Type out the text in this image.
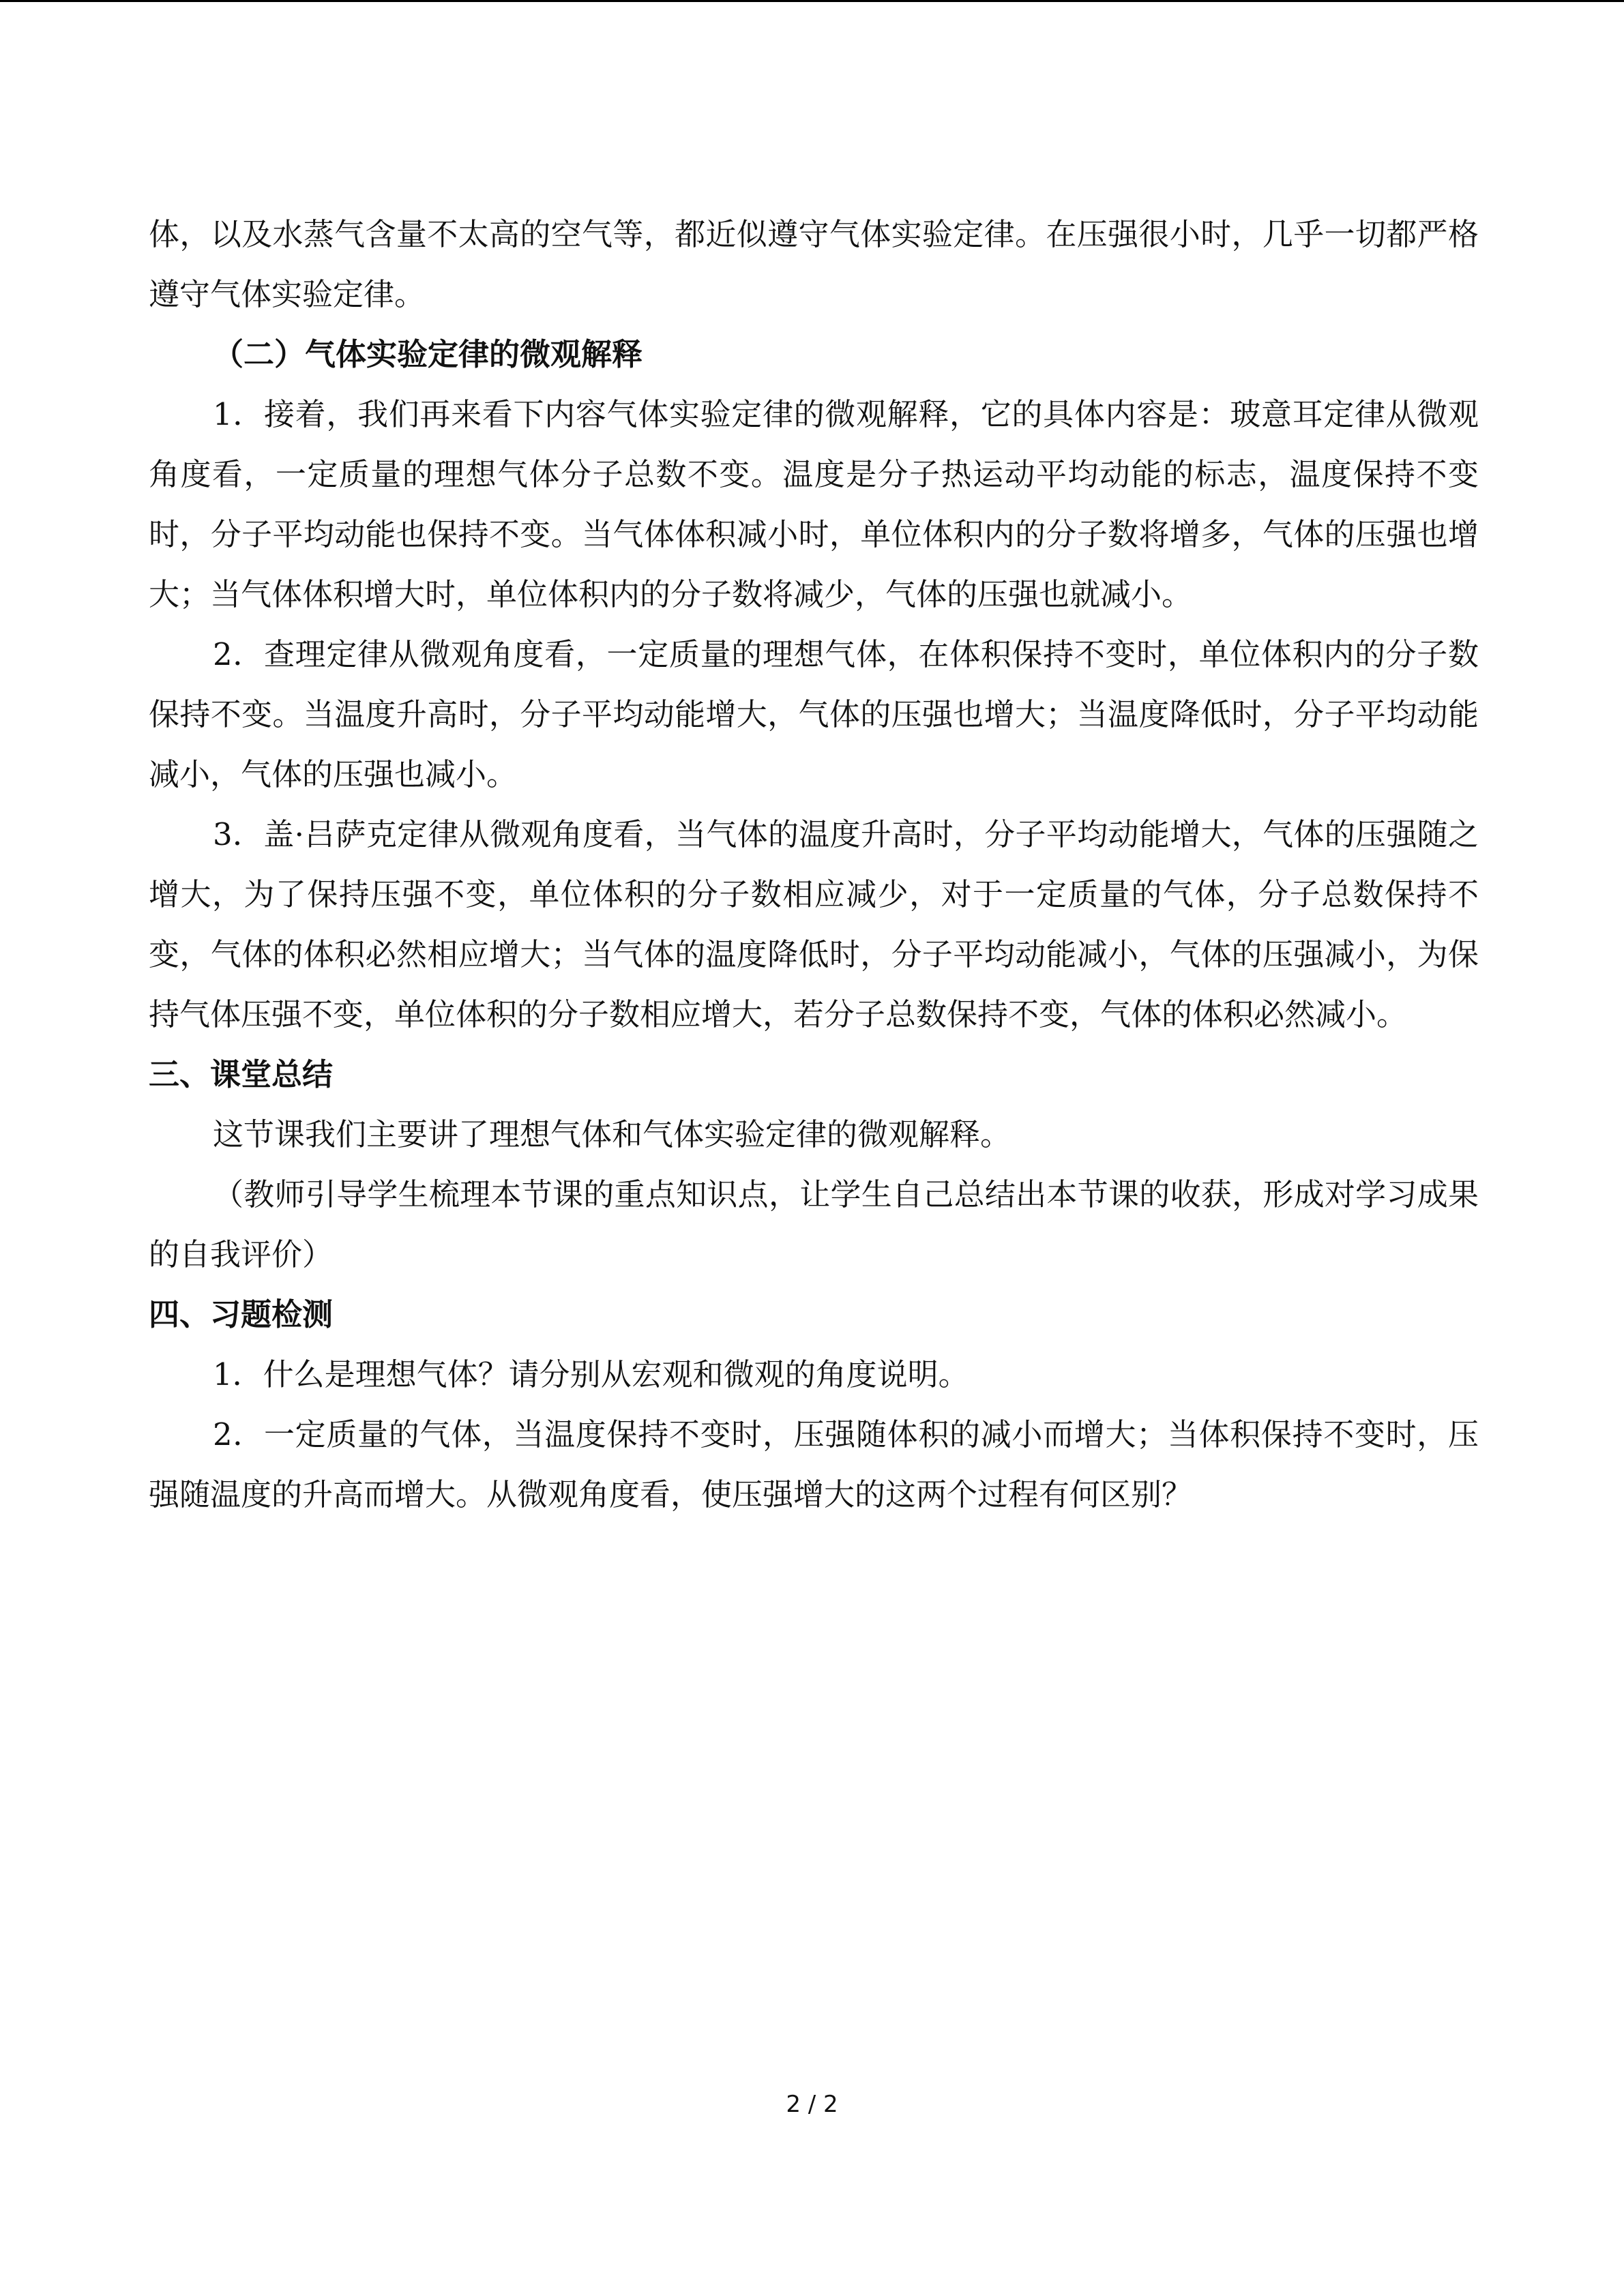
体，以及水蒸气含量不太高的空气等，都近似遵守气体实验定律。在压强很小时，几乎一切都严格遵守气体实验定律。

（二）气体实验定律的微观解释

1．接着，我们再来看下内容气体实验定律的微观解释，它的具体内容是：玻意耳定律从微观角度看，一定质量的理想气体分子总数不变。温度是分子热运动平均动能的标志，温度保持不变时，分子平均动能也保持不变。当气体体积减小时，单位体积内的分子数将增多，气体的压强也增大；当气体体积增大时，单位体积内的分子数将减少，气体的压强也就减小。

2．查理定律从微观角度看，一定质量的理想气体，在体积保持不变时，单位体积内的分子数保持不变。当温度升高时，分子平均动能增大，气体的压强也增大；当温度降低时，分子平均动能减小，气体的压强也减小。

3．盖·吕萨克定律从微观角度看，当气体的温度升高时，分子平均动能增大，气体的压强随之增大，为了保持压强不变，单位体积的分子数相应减少，对于一定质量的气体，分子总数保持不变，气体的体积必然相应增大；当气体的温度降低时，分子平均动能减小，气体的压强减小，为保持气体压强不变，单位体积的分子数相应增大，若分子总数保持不变，气体的体积必然减小。

三、课堂总结

这节课我们主要讲了理想气体和气体实验定律的微观解释。

（教师引导学生梳理本节课的重点知识点，让学生自己总结出本节课的收获，形成对学习成果的自我评价）

四、习题检测

1．什么是理想气体？请分别从宏观和微观的角度说明。

2．一定质量的气体，当温度保持不变时，压强随体积的减小而增大；当体积保持不变时，压强随温度的升高而增大。从微观角度看，使压强增大的这两个过程有何区别？

2 / 2
